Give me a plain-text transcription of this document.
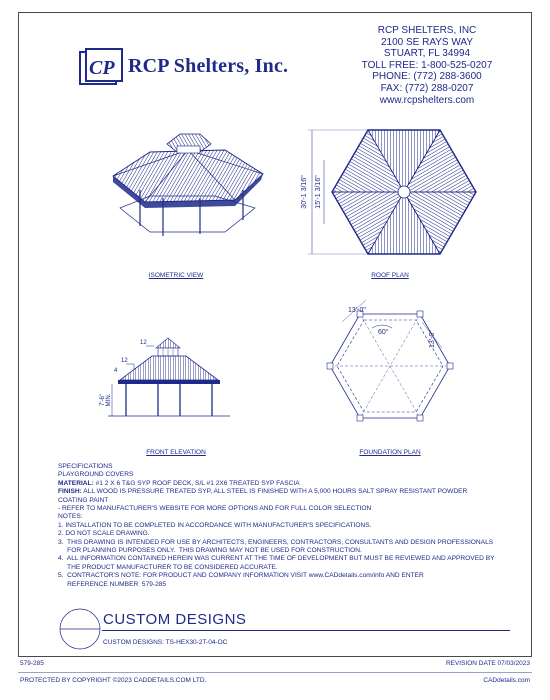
CP RCP Shelters, Inc.
RCP SHELTERS, INC
2100 SE RAYS WAY
STUART, FL 34994
TOLL FREE: 1-800-525-0207
PHONE: (772) 288-3600
FAX: (772) 288-0207
www.rcpshelters.com
ISOMETRIC VIEW
30'-1 3/16" 15'-1 3/16"
ROOF PLAN
12
12
4
7'-6" MIN.
FRONT ELEVATION
13'-0"
13'-0"
60°
FOUNDATION PLAN
SPECIFICATIONS
PLAYGROUND COVERS
MATERIAL: #1 2 X 6 T&G SYP ROOF DECK, S/L #1 2X6 TREATED SYP FASCIA
FINISH: ALL WOOD IS PRESSURE TREATED SYP, ALL STEEL IS FINISHED WITH A 5,000 HOURS SALT SPRAY RESISTANT POWDER
COATING PAINT
- REFER TO MANUFACTURER'S WEBSITE FOR MORE OPTIONS AND FOR FULL COLOR SELECTION
NOTES:
1. INSTALLATION TO BE COMPLETED IN ACCORDANCE WITH MANUFACTURER'S SPECIFICATIONS.
2. DO NOT SCALE DRAWING.
3.  THIS DRAWING IS INTENDED FOR USE BY ARCHITECTS, ENGINEERS, CONTRACTORS, CONSULTANTS AND DESIGN PROFESSIONALS
FOR PLANNING PURPOSES ONLY.  THIS DRAWING MAY NOT BE USED FOR CONSTRUCTION.
4.  ALL INFORMATION CONTAINED HEREIN WAS CURRENT AT THE TIME OF DEVELOPMENT BUT MUST BE REVIEWED AND APPROVED BY
THE PRODUCT MANUFACTURER TO BE CONSIDERED ACCURATE.
5.  CONTRACTOR'S NOTE: FOR PRODUCT AND COMPANY INFORMATION VISIT www.CADdetails.com/info AND ENTER
REFERENCE NUMBER  579-285
CUSTOM DESIGNS
CUSTOM DESIGNS: TS-HEX30-2T-04-OC
579-285	REVISION DATE 07/03/2023
PROTECTED BY COPYRIGHT ©2023 CADDETAILS.COM LTD.	CADdetails.com
